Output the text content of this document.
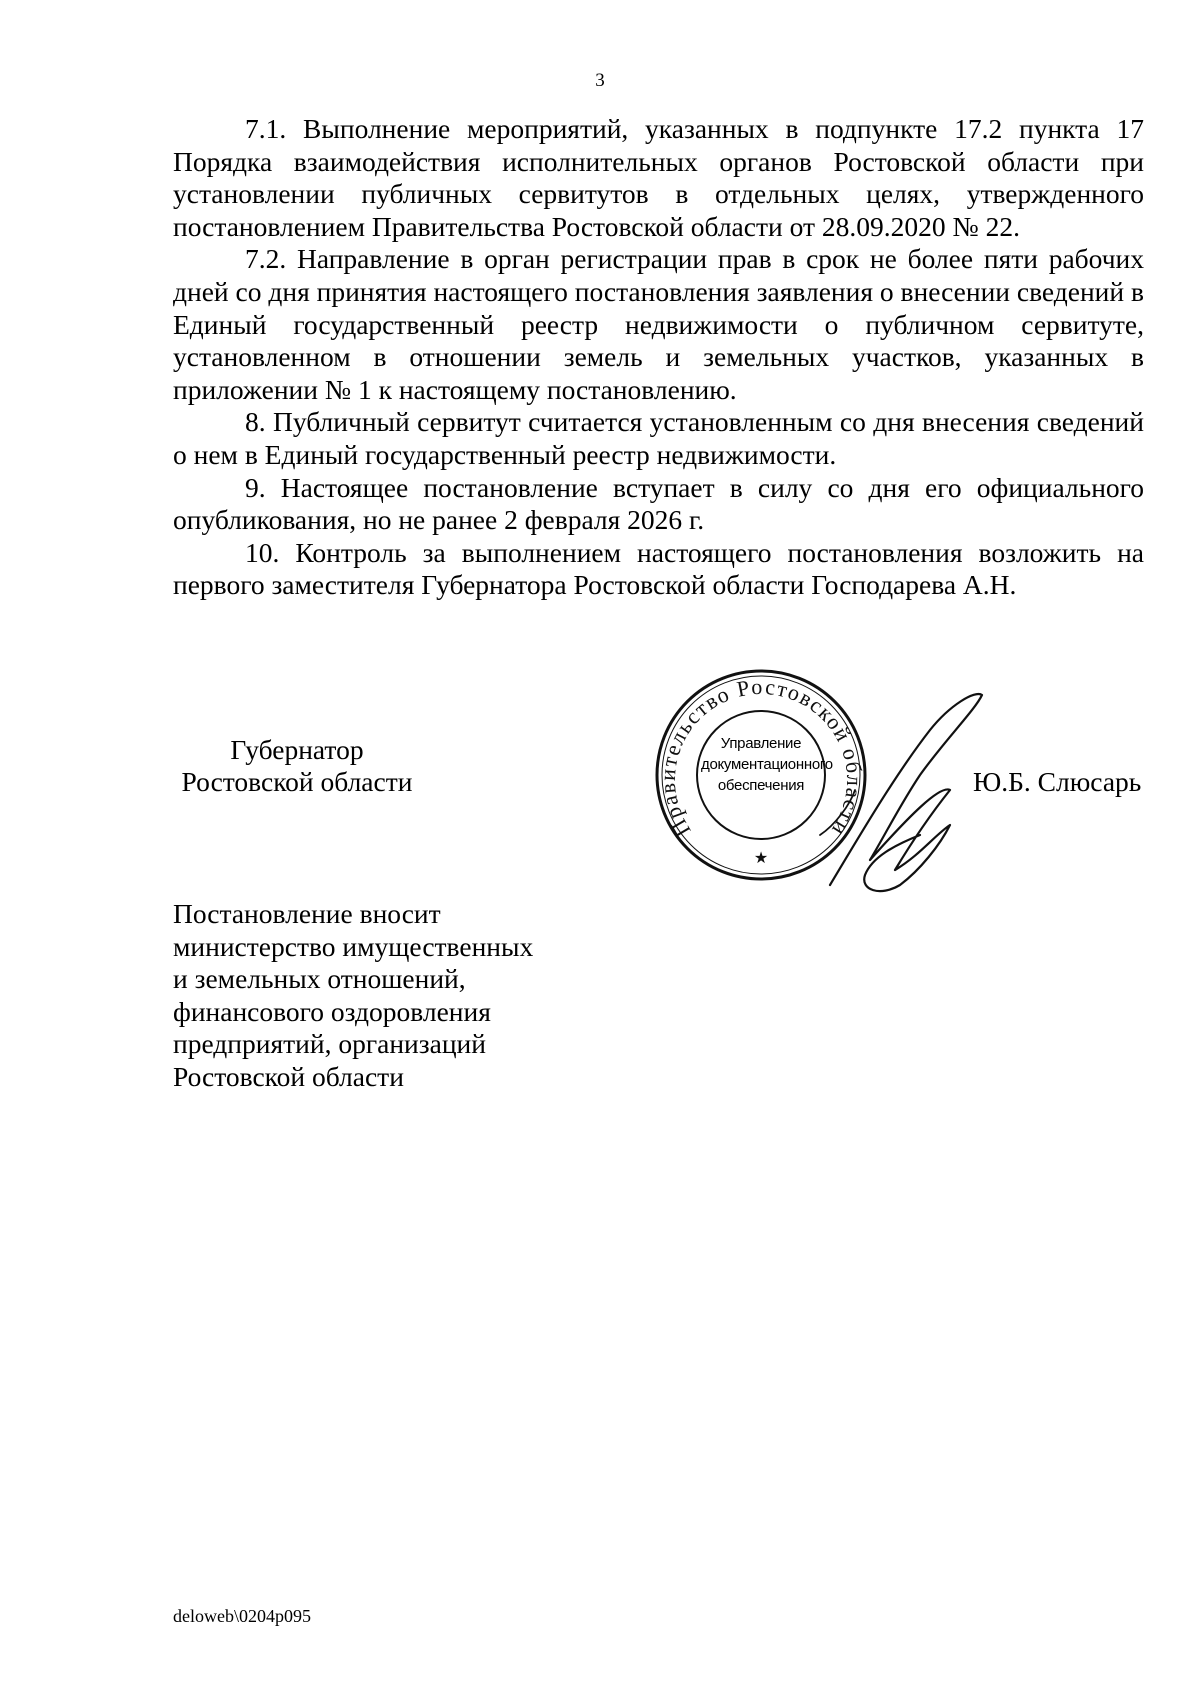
3

7.1. Выполнение мероприятий, указанных в подпункте 17.2 пункта 17 Порядка взаимодействия исполнительных органов Ростовской области при установлении публичных сервитутов в отдельных целях, утвержденного постановлением Правительства Ростовской области от 28.09.2020 № 22.

7.2. Направление в орган регистрации прав в срок не более пяти рабочих дней со дня принятия настоящего постановления заявления о внесении сведений в Единый государственный реестр недвижимости о публичном сервитуте, установленном в отношении земель и земельных участков, указанных в приложении № 1 к настоящему постановлению.

8. Публичный сервитут считается установленным со дня внесения сведений о нем в Единый государственный реестр недвижимости.

9. Настоящее постановление вступает в силу со дня его официального опубликования, но не ранее 2 февраля 2026 г.

10. Контроль за выполнением настоящего постановления возложить на первого заместителя Губернатора Ростовской области Господарева А.Н.

Губернатор
Ростовской области
Правительство Ростовской области
★
Управление
документационного
обеспечения	Ю.Б. Слюсарь

Постановление вносит

министерство имущественных

и земельных отношений,

финансового оздоровления

предприятий, организаций

Ростовской области

deloweb\0204p095
